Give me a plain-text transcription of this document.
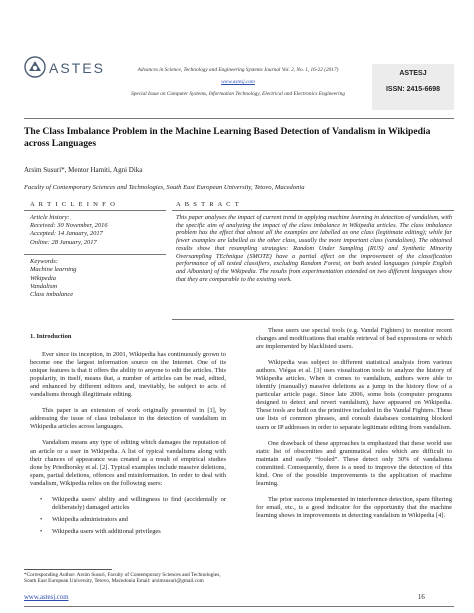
ASTES	Advances in Science, Technology and Engineering Systems Journal Vol. 2, No. 1, 16-22 (2017)
www.astesj.com
Special Issue on Computer Systems, Information Technology, Electrical and Electronics Engineering
ASTESJ
ISSN: 2415-6698
The Class Imbalance Problem in the Machine Learning Based Detection of Vandalism in Wikipedia across Languages
Arsim Susuri*, Mentor Hamiti, Agni Dika
Faculty of Contemporary Sciences and Technologies, South East European University, Tetovo, Macedonia
A R T I C L E I N F O	A B S T R A C T
Article history:
Received: 30 November, 2016
Accepted: 14 January, 2017
Online: 28 January, 2017
Keywords:
Machine learning
Wikipedia
Vandalism
Class imbalance
This paper analyses the impact of current trend in applying machine learning in detection of vandalism, with the specific aim of analyzing the impact of the class imbalance in Wikipedia articles. The class imbalance problem has the effect that almost all the examples are labelled as one class (legitimate editing); while far fewer examples are labelled as the other class, usually the more important class (vandalism). The obtained results show that resampling strategies: Random Under Sampling (RUS) and Synthetic Minority Oversampling TEchnique (SMOTE) have a partial effect on the improvement of the classification performance of all tested classifiers, excluding Random Forest, on both tested languages (simple English and Albanian) of the Wikipedia. The results from experimentation extended on two different languages show that they are comparable to the existing work.
1. Introduction

Ever since its inception, in 2001, Wikipedia has continuously grown to become one the largest information source on the Internet. One of its unique features is that it offers the ability to anyone to edit the articles. This popularity, in itself, means that, a number of articles can be read, edited, and enhanced by different editors and, inevitably, be subject to acts of vandalisms through illegitimate editing.

This paper is an extension of work originally presented in [1], by addressing the issue of class imbalance in the detection of vandalism in Wikipedia articles across languages.

Vandalism means any type of editing which damages the reputation of an article or a user in Wikipedia. A list of typical vandalisms along with their chances of appearance was created as a result of empirical studies done by Priedhorsky et al. [2]. Typical examples include massive deletions, spam, partial deletions, offences and misinformation. In order to deal with vandalism, Wikipedia relies on the following users:

• Wikipedia users' ability and willingness to find (accidentally or deliberately) damaged articles
• Wikipedia administrators and
• Wikipedia users with additional privileges

These users use special tools (e.g. Vandal Fighters) to monitor recent changes and modifications that enable retrieval of bad expressions or which are implemented by blacklisted users.

Wikipedia was subject to different statistical analysis from various authors. Viégas et al. [3] uses visualization tools to analyze the history of Wikipedia articles. When it comes to vandalism, authors were able to identify (manually) massive deletions as a jump in the history flow of a particular article page. Since late 2006, some bots (computer programs designed to detect and revert vandalism), have appeared on Wikipedia. These tools are built on the primitive included in the Vandal Fighters. These use lists of common phrases, and consult databases containing blocked users or IP addresses in order to separate legitimate editing from vandalism.

One drawback of these approaches is emphasized that these world use static list of obscenities and grammatical rules which are difficult to maintain and easily “fooled”. These detect only 30% of vandalisms committed. Consequently, there is a need to improve the detection of this kind. One of the possible improvements is the application of machine learning.

The prior success implemented in interference detection, spam filtering for email, etc., is a good indicator for the opportunity that the machine learning shows in improvements in detecting vandalism in Wikipedia [4].

*Corresponding Author: Arsim Susuri, Faculty of Contemporary Sciences and Technologies, South East European University, Tetovo, Macedonia Email: arsimsusuri@gmail.com
www.astesj.com	16
